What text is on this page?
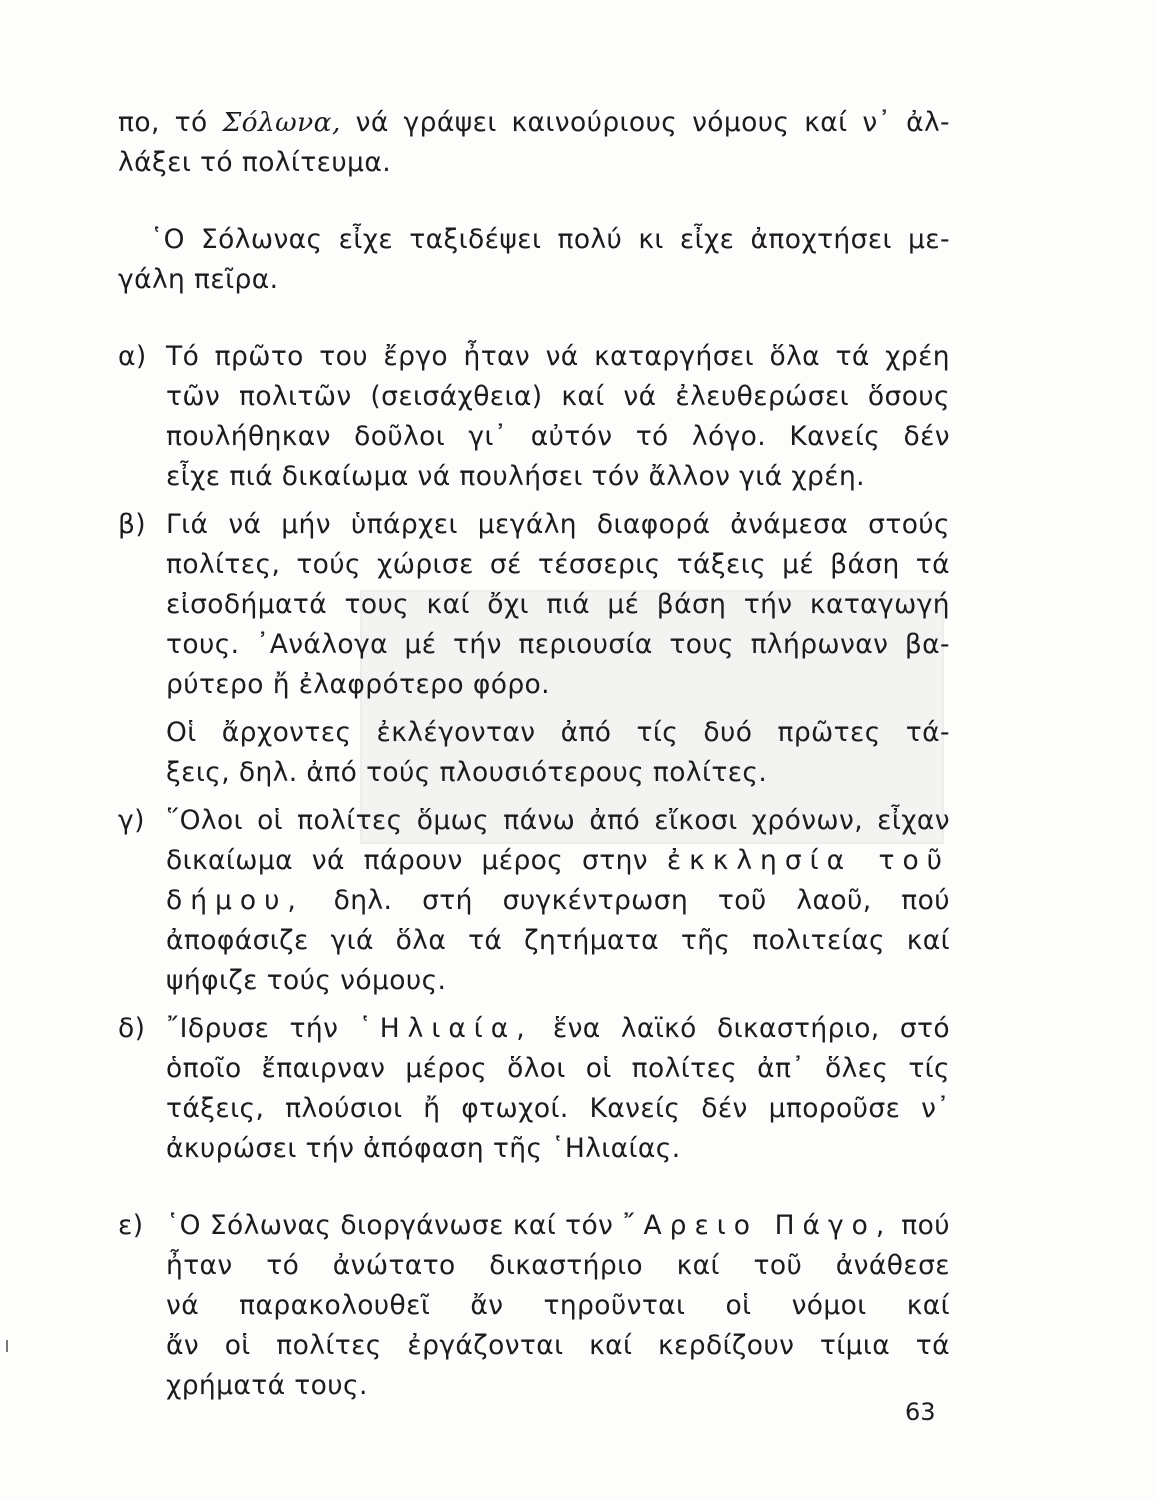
πο, τό Σόλωνα, νά γράψει καινούριους νόμους καί ν᾽ ἀλ-
λάξει τό πολίτευμα.
῾Ο Σόλωνας εἶχε ταξιδέψει πολύ κι εἶχε ἀποχτήσει με-
γάλη πεῖρα.
α) Τό πρῶτο του ἔργο ἦταν νά καταργήσει ὅλα τά χρέη
τῶν πολιτῶν (σεισάχθεια) καί νά ἐλευθερώσει ὅσους
πουλήθηκαν δοῦλοι γι᾽ αὐτόν τό λόγο. Κανείς δέν
εἶχε πιά δικαίωμα νά πουλήσει τόν ἄλλον γιά χρέη.
β) Γιά νά μήν ὑπάρχει μεγάλη διαφορά ἀνάμεσα στούς
πολίτες, τούς χώρισε σέ τέσσερις τάξεις μέ βάση τά
εἰσοδήματά τους καί ὄχι πιά μέ βάση τήν καταγωγή
τους. ᾽Ανάλογα μέ τήν περιουσία τους πλήρωναν βα-
ρύτερο ἤ ἐλαφρότερο φόρο.
Οἱ ἄρχοντες ἐκλέγονταν ἀπό τίς δυό πρῶτες τά-
ξεις, δηλ. ἀπό τούς πλουσιότερους πολίτες.
γ) ῞Ολοι οἱ πολίτες ὅμως πάνω ἀπό εἴκοσι χρόνων, εἶχαν
δικαίωμα νά πάρουν μέρος στην ἐκκλησία τοῦ
δήμου, δηλ. στή συγκέντρωση τοῦ λαοῦ, πού
ἀποφάσιζε γιά ὅλα τά ζητήματα τῆς πολιτείας καί
ψήφιζε τούς νόμους.
δ) ῎Ιδρυσε τήν ῾Ηλιαία, ἕνα λαϊκό δικαστήριο, στό
ὁποῖο ἔπαιρναν μέρος ὅλοι οἱ πολίτες ἀπ᾽ ὅλες τίς
τάξεις, πλούσιοι ἤ φτωχοί. Κανείς δέν μποροῦσε ν᾽
ἀκυρώσει τήν ἀπόφαση τῆς ῾Ηλιαίας.
ε) ῾Ο Σόλωνας διοργάνωσε καί τόν ῎Αρειο Πάγο, πού
ἦταν τό ἀνώτατο δικαστήριο καί τοῦ ἀνάθεσε
νά παρακολουθεῖ ἄν τηροῦνται οἱ νόμοι καί
ἄν οἱ πολίτες ἐργάζονται καί κερδίζουν τίμια τά
χρήματά τους.
63
